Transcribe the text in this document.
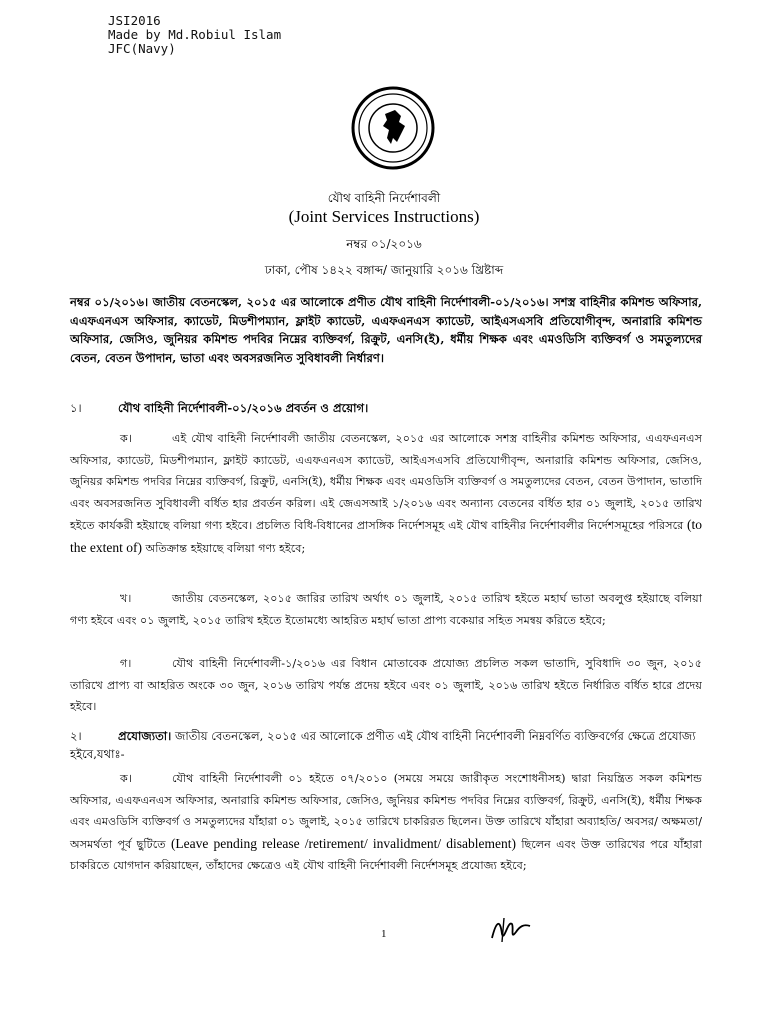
JSI2016
Made by Md.Robiul Islam
JFC(Navy)
যৌথ বাহিনী নির্দেশাবলী
(Joint Services Instructions)
নম্বর ০১/২০১৬
ঢাকা, পৌষ ১৪২২ বঙ্গাব্দ/ জানুয়ারি ২০১৬ খ্রিষ্টাব্দ
নম্বর ০১/২০১৬। জাতীয় বেতনস্কেল, ২০১৫ এর আলোকে প্রণীত যৌথ বাহিনী নির্দেশাবলী-০১/২০১৬। সশস্ত্র বাহিনীর কমিশন্ড অফিসার, এএফএনএস অফিসার, ক্যাডেট, মিডশীপম্যান, ফ্লাইট ক্যাডেট, এএফএনএস ক্যাডেট, আইএসএসবি প্রতিযোগীবৃন্দ, অনারারি কমিশন্ড অফিসার, জেসিও, জুনিয়র কমিশন্ড পদবির নিম্নের ব্যক্তিবর্গ, রিক্রুট, এনসি(ই), ধর্মীয় শিক্ষক এবং এমওডিসি ব্যক্তিবর্গ ও সমতুল্যদের বেতন, বেতন উপাদান, ভাতা এবং অবসরজনিত সুবিধাবলী নির্ধারণ।
১।	যৌথ বাহিনী নির্দেশাবলী-০১/২০১৬ প্রবর্তন ও প্রয়োগ।
ক।	এই যৌথ বাহিনী নির্দেশাবলী জাতীয় বেতনস্কেল, ২০১৫ এর আলোকে সশস্ত্র বাহিনীর কমিশন্ড অফিসার, এএফএনএস অফিসার, ক্যাডেট, মিডশীপম্যান, ফ্লাইট ক্যাডেট, এএফএনএস ক্যাডেট, আইএসএসবি প্রতিযোগীবৃন্দ, অনারারি কমিশন্ড অফিসার, জেসিও, জুনিয়র কমিশন্ড পদবির নিম্নের ব্যক্তিবর্গ, রিক্রুট, এনসি(ই), ধর্মীয় শিক্ষক এবং এমওডিসি ব্যক্তিবর্গ ও সমতুল্যদের বেতন, বেতন উপাদান, ভাতাদি এবং অবসরজনিত সুবিধাবলী বর্ধিত হার প্রবর্তন করিল। এই জেএসআই ১/২০১৬ এবং অন্যান্য বেতনের বর্ধিত হার ০১ জুলাই, ২০১৫ তারিখ হইতে কার্যকরী হইয়াছে বলিয়া গণ্য হইবে। প্রচলিত বিধি-বিধানের প্রাসঙ্গিক নির্দেশসমূহ এই যৌথ বাহিনীর নির্দেশাবলীর নির্দেশসমূহের পরিসরে (to the extent of) অতিক্রান্ত হইয়াছে বলিয়া গণ্য হইবে;
খ।	জাতীয় বেতনস্কেল, ২০১৫ জারির তারিখ অর্থাৎ ০১ জুলাই, ২০১৫ তারিখ হইতে মহার্ঘ ভাতা অবলুপ্ত হইয়াছে বলিয়া গণ্য হইবে এবং ০১ জুলাই, ২০১৫ তারিখ হইতে ইতোমধ্যে আহরিত মহার্ঘ ভাতা প্রাপ্য বকেয়ার সহিত সমন্বয় করিতে হইবে;
গ।	যৌথ বাহিনী নির্দেশাবলী-১/২০১৬ এর বিধান মোতাবেক প্রযোজ্য প্রচলিত সকল ভাতাদি, সুবিধাদি ৩০ জুন, ২০১৫ তারিখে প্রাপ্য বা আহরিত অংকে ৩০ জুন, ২০১৬ তারিখ পর্যন্ত প্রদেয় হইবে এবং ০১ জুলাই, ২০১৬ তারিখ হইতে নির্ধারিত বর্ধিত হারে প্রদেয় হইবে।
২।	প্রযোজ্যতা। জাতীয় বেতনস্কেল, ২০১৫ এর আলোকে প্রণীত এই যৌথ বাহিনী নির্দেশাবলী নিম্নবর্ণিত ব্যক্তিবর্গের ক্ষেত্রে প্রযোজ্য হইবে,যথাঃ-
ক।	যৌথ বাহিনী নির্দেশাবলী ০১ হইতে ০৭/২০১০ (সময়ে সময়ে জারীকৃত সংশোধনীসহ) দ্বারা নিয়ন্ত্রিত সকল কমিশন্ড অফিসার, এএফএনএস অফিসার, অনারারি কমিশন্ড অফিসার, জেসিও, জুনিয়র কমিশন্ড পদবির নিম্নের ব্যক্তিবর্গ, রিক্রুট, এনসি(ই), ধর্মীয় শিক্ষক এবং এমওডিসি ব্যক্তিবর্গ ও সমতুল্যদের যাঁহারা ০১ জুলাই, ২০১৫ তারিখে চাকরিরত ছিলেন। উক্ত তারিখে যাঁহারা অব্যাহতি/ অবসর/ অক্ষমতা/ অসমর্থতা পূর্ব ছুটিতে (Leave pending release /retirement/ invalidment/ disablement) ছিলেন এবং উক্ত তারিখের পরে যাঁহারা চাকরিতে যোগদান করিয়াছেন, তাঁহাদের ক্ষেত্রেও এই যৌথ বাহিনী নির্দেশাবলী নির্দেশসমূহ প্রযোজ্য হইবে;
1
